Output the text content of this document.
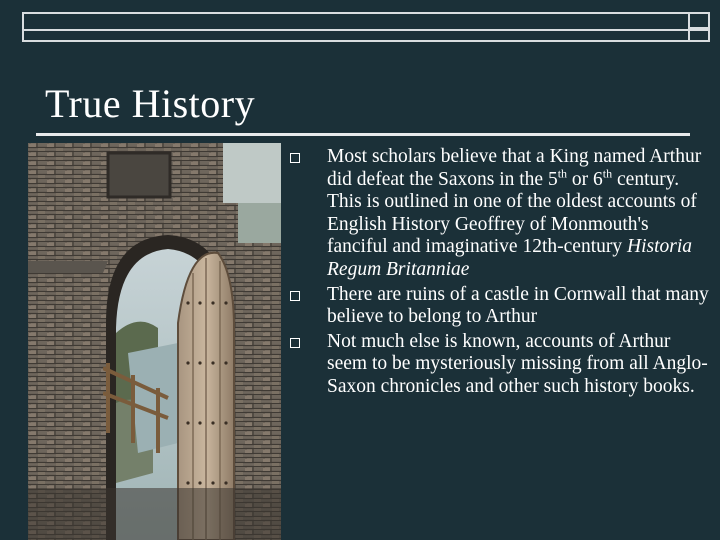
True History
Most scholars believe that a King named Arthur did defeat the Saxons in the 5th or 6th century. This is outlined in one of the oldest accounts of English History Geoffrey of Monmouth's fanciful and imaginative 12th-century Historia Regum Britanniae
There are ruins of a castle in Cornwall that many believe to belong to Arthur
Not much else is known, accounts of Arthur seem to be mysteriously missing from all Anglo-Saxon chronicles and other such history books.
